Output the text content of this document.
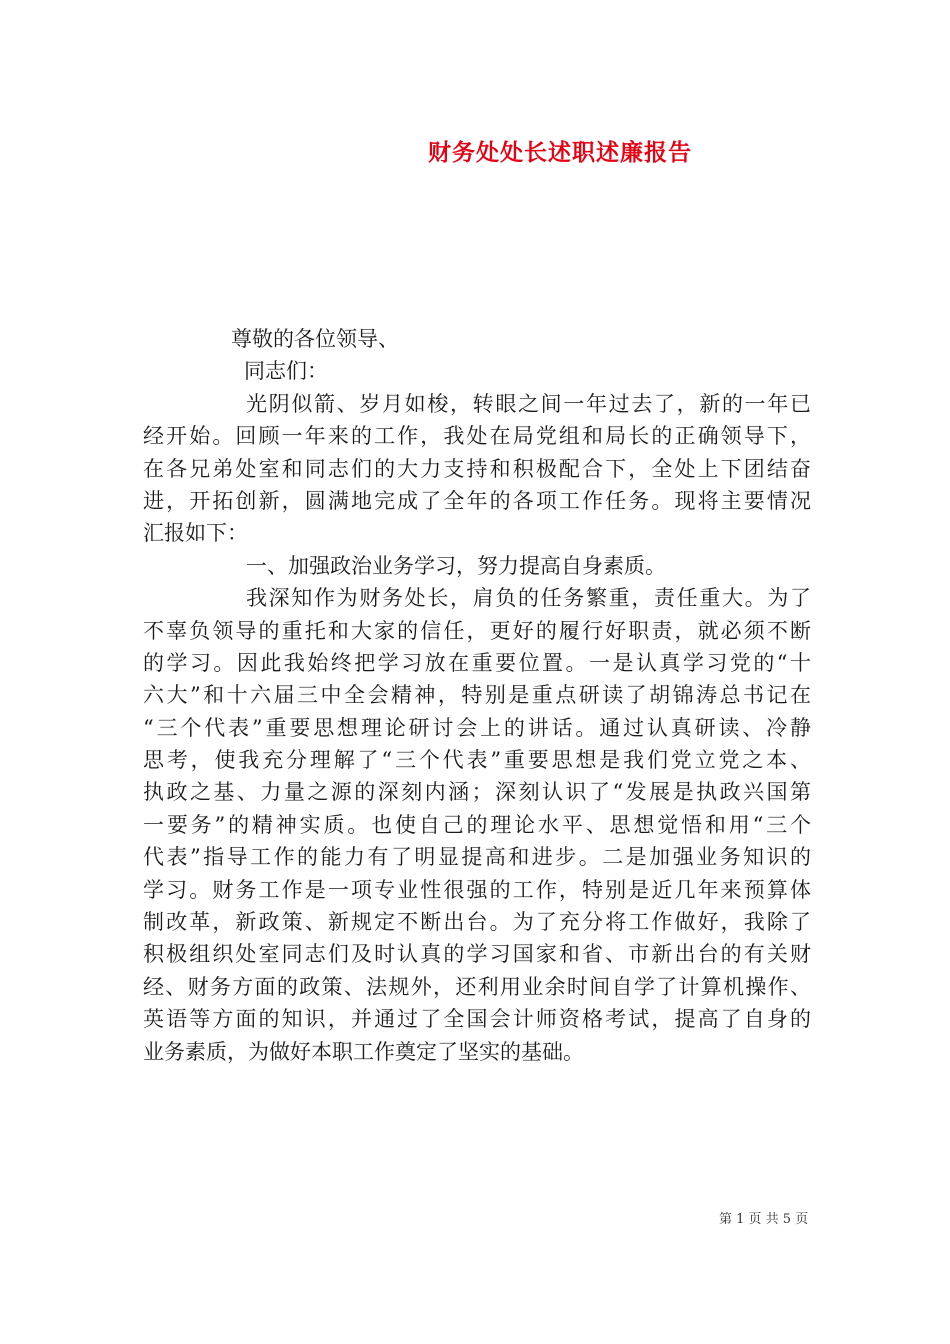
财务处处长述职述廉报告
尊敬的各位领导、
同志们：
光阴似箭、岁月如梭，转眼之间一年过去了，新的一年已
经开始。回顾一年来的工作，我处在局党组和局长的正确领导下，
在各兄弟处室和同志们的大力支持和积极配合下，全处上下团结奋
进，开拓创新，圆满地完成了全年的各项工作任务。现将主要情况
汇报如下：
一、加强政治业务学习，努力提高自身素质。
我深知作为财务处长，肩负的任务繁重，责任重大。为了
不辜负领导的重托和大家的信任，更好的履行好职责，就必须不断
的学习。因此我始终把学习放在重要位置。一是认真学习党的“十
六大”和十六届三中全会精神，特别是重点研读了胡锦涛总书记在
“三个代表”重要思想理论研讨会上的讲话。通过认真研读、冷静
思考，使我充分理解了“三个代表”重要思想是我们党立党之本、
执政之基、力量之源的深刻内涵；深刻认识了“发展是执政兴国第
一要务”的精神实质。也使自己的理论水平、思想觉悟和用“三个
代表”指导工作的能力有了明显提高和进步。二是加强业务知识的
学习。财务工作是一项专业性很强的工作，特别是近几年来预算体
制改革，新政策、新规定不断出台。为了充分将工作做好，我除了
积极组织处室同志们及时认真的学习国家和省、市新出台的有关财
经、财务方面的政策、法规外，还利用业余时间自学了计算机操作、
英语等方面的知识，并通过了全国会计师资格考试，提高了自身的
业务素质，为做好本职工作奠定了坚实的基础。
第 1 页 共 5 页
